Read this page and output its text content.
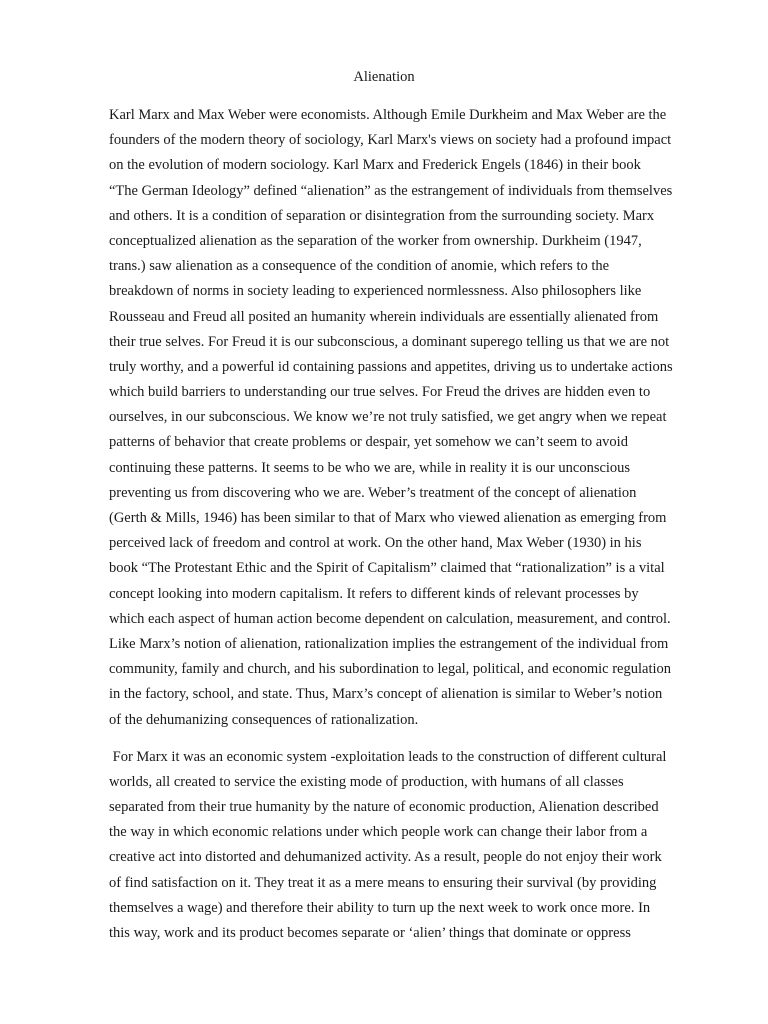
Alienation
Karl Marx and Max Weber were economists. Although Emile Durkheim and Max Weber are the
founders of the modern theory of sociology, Karl Marx's views on society had a profound impact
on the evolution of modern sociology. Karl Marx and Frederick Engels (1846) in their book
“The German Ideology” defined “alienation” as the estrangement of individuals from themselves
and others. It is a condition of separation or disintegration from the surrounding society. Marx
conceptualized alienation as the separation of the worker from ownership. Durkheim (1947,
trans.) saw alienation as a consequence of the condition of anomie, which refers to the
breakdown of norms in society leading to experienced normlessness. Also philosophers like
Rousseau and Freud all posited an humanity wherein individuals are essentially alienated from
their true selves. For Freud it is our subconscious, a dominant superego telling us that we are not
truly worthy, and a powerful id containing passions and appetites, driving us to undertake actions
which build barriers to understanding our true selves. For Freud the drives are hidden even to
ourselves, in our subconscious. We know we’re not truly satisfied, we get angry when we repeat
patterns of behavior that create problems or despair, yet somehow we can’t seem to avoid
continuing these patterns. It seems to be who we are, while in reality it is our unconscious
preventing us from discovering who we are. Weber’s treatment of the concept of alienation
(Gerth & Mills, 1946) has been similar to that of Marx who viewed alienation as emerging from
perceived lack of freedom and control at work. On the other hand, Max Weber (1930) in his
book “The Protestant Ethic and the Spirit of Capitalism” claimed that “rationalization” is a vital
concept looking into modern capitalism. It refers to different kinds of relevant processes by
which each aspect of human action become dependent on calculation, measurement, and control.
Like Marx’s notion of alienation, rationalization implies the estrangement of the individual from
community, family and church, and his subordination to legal, political, and economic regulation
in the factory, school, and state. Thus, Marx’s concept of alienation is similar to Weber’s notion
of the dehumanizing consequences of rationalization.
For Marx it was an economic system -exploitation leads to the construction of different cultural
worlds, all created to service the existing mode of production, with humans of all classes
separated from their true humanity by the nature of economic production, Alienation described
the way in which economic relations under which people work can change their labor from a
creative act into distorted and dehumanized activity. As a result, people do not enjoy their work
of find satisfaction on it. They treat it as a mere means to ensuring their survival (by providing
themselves a wage) and therefore their ability to turn up the next week to work once more. In
this way, work and its product becomes separate or ‘alien’ things that dominate or oppress
